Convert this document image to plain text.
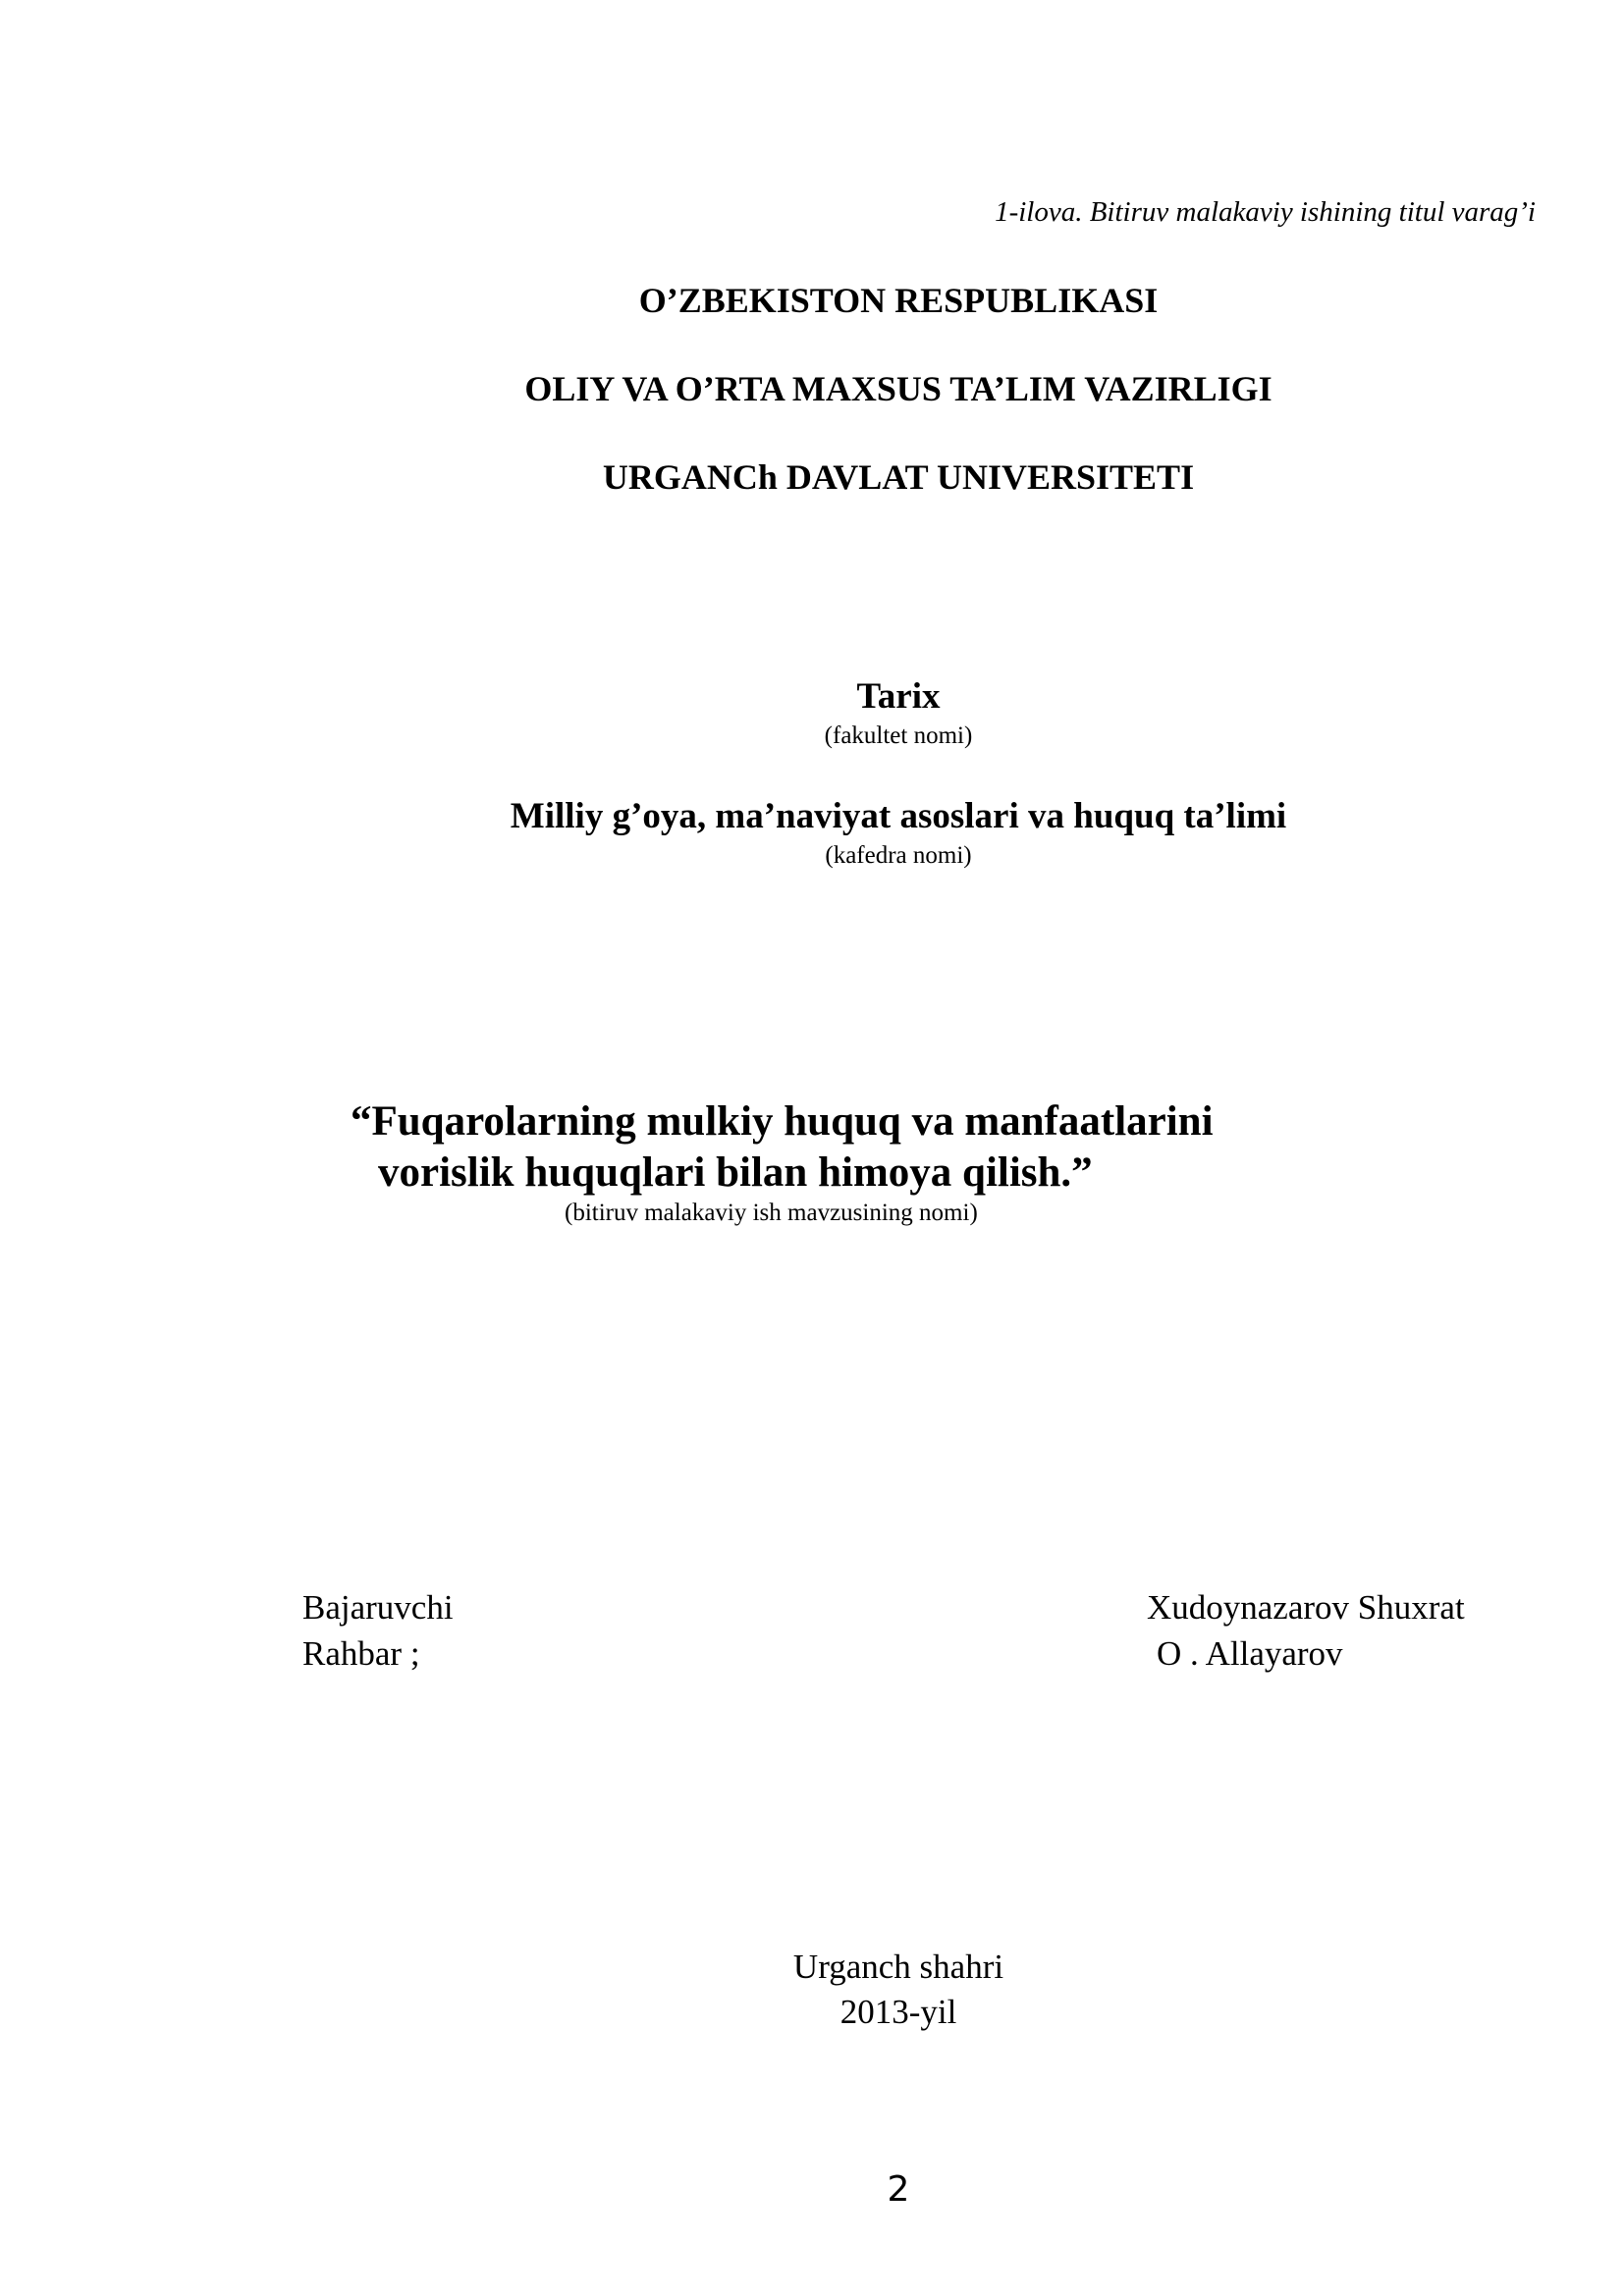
1-ilova. Bitiruv malakaviy ishining titul varag’i
O’ZBEKISTON RESPUBLIKASI
OLIY VA O’RTA MAXSUS TA’LIM VAZIRLIGI
URGANCh DAVLAT UNIVERSITETI
Tarix
(fakultet nomi)
Milliy g’oya, ma’naviyat asoslari va huquq ta’limi
(kafedra nomi)
“Fuqarolarning mulkiy huquq va manfaatlarini
vorislik huquqlari bilan himoya qilish.”
(bitiruv malakaviy ish mavzusining nomi)
Bajaruvchi	Xudoynazarov Shuxrat
Rahbar ;	O . Allayarov
Urganch shahri
2013-yil
2
